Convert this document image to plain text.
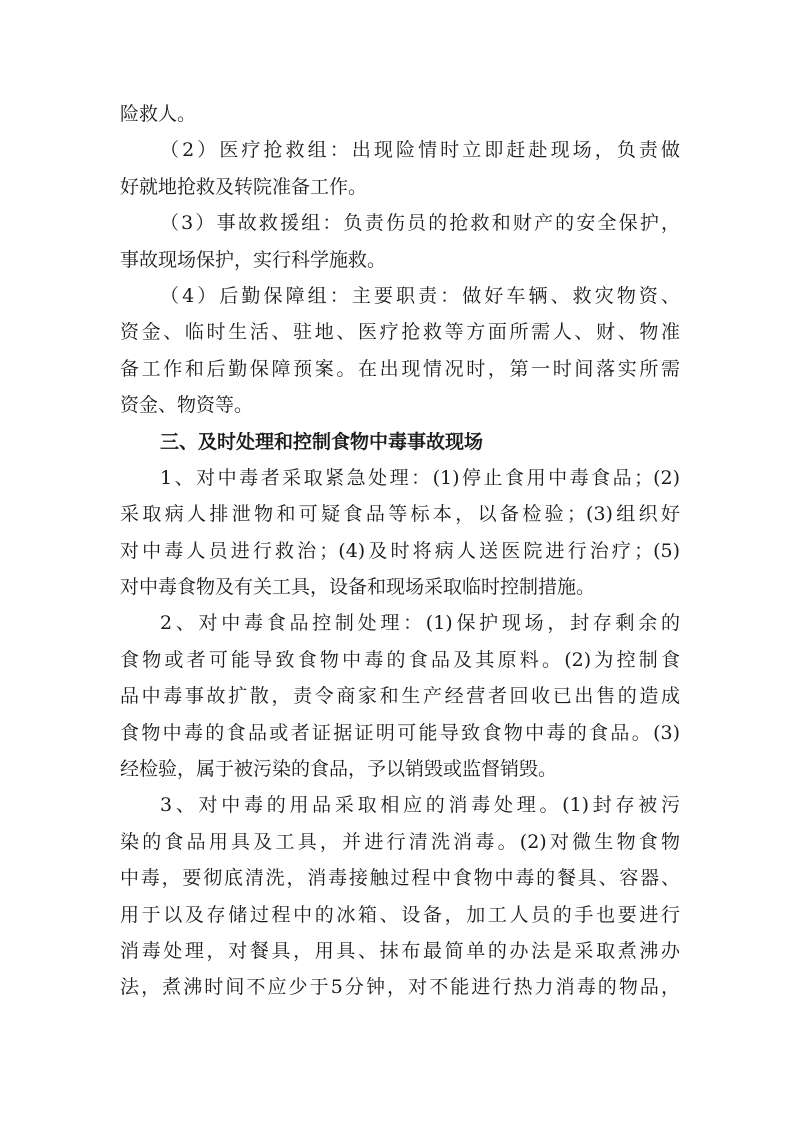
险救人。
（2）医疗抢救组：出现险情时立即赶赴现场，负责做
好就地抢救及转院准备工作。
（3）事故救援组：负责伤员的抢救和财产的安全保护，
事故现场保护，实行科学施救。
（4）后勤保障组：主要职责：做好车辆、救灾物资、
资金、临时生活、驻地、医疗抢救等方面所需人、财、物准
备工作和后勤保障预案。在出现情况时，第一时间落实所需
资金、物资等。
三、及时处理和控制食物中毒事故现场
1、对中毒者采取紧急处理：(1)停止食用中毒食品；(2)
采取病人排泄物和可疑食品等标本，以备检验；(3)组织好
对中毒人员进行救治；(4)及时将病人送医院进行治疗；(5)
对中毒食物及有关工具，设备和现场采取临时控制措施。
2、对中毒食品控制处理：(1)保护现场，封存剩余的
食物或者可能导致食物中毒的食品及其原料。(2)为控制食
品中毒事故扩散，责令商家和生产经营者回收已出售的造成
食物中毒的食品或者证据证明可能导致食物中毒的食品。(3)
经检验，属于被污染的食品，予以销毁或监督销毁。
3、对中毒的用品采取相应的消毒处理。(1)封存被污
染的食品用具及工具，并进行清洗消毒。(2)对微生物食物
中毒，要彻底清洗，消毒接触过程中食物中毒的餐具、容器、
用于以及存储过程中的冰箱、设备，加工人员的手也要进行
消毒处理，对餐具，用具、抹布最简单的办法是采取煮沸办
法，煮沸时间不应少于5分钟，对不能进行热力消毒的物品，
